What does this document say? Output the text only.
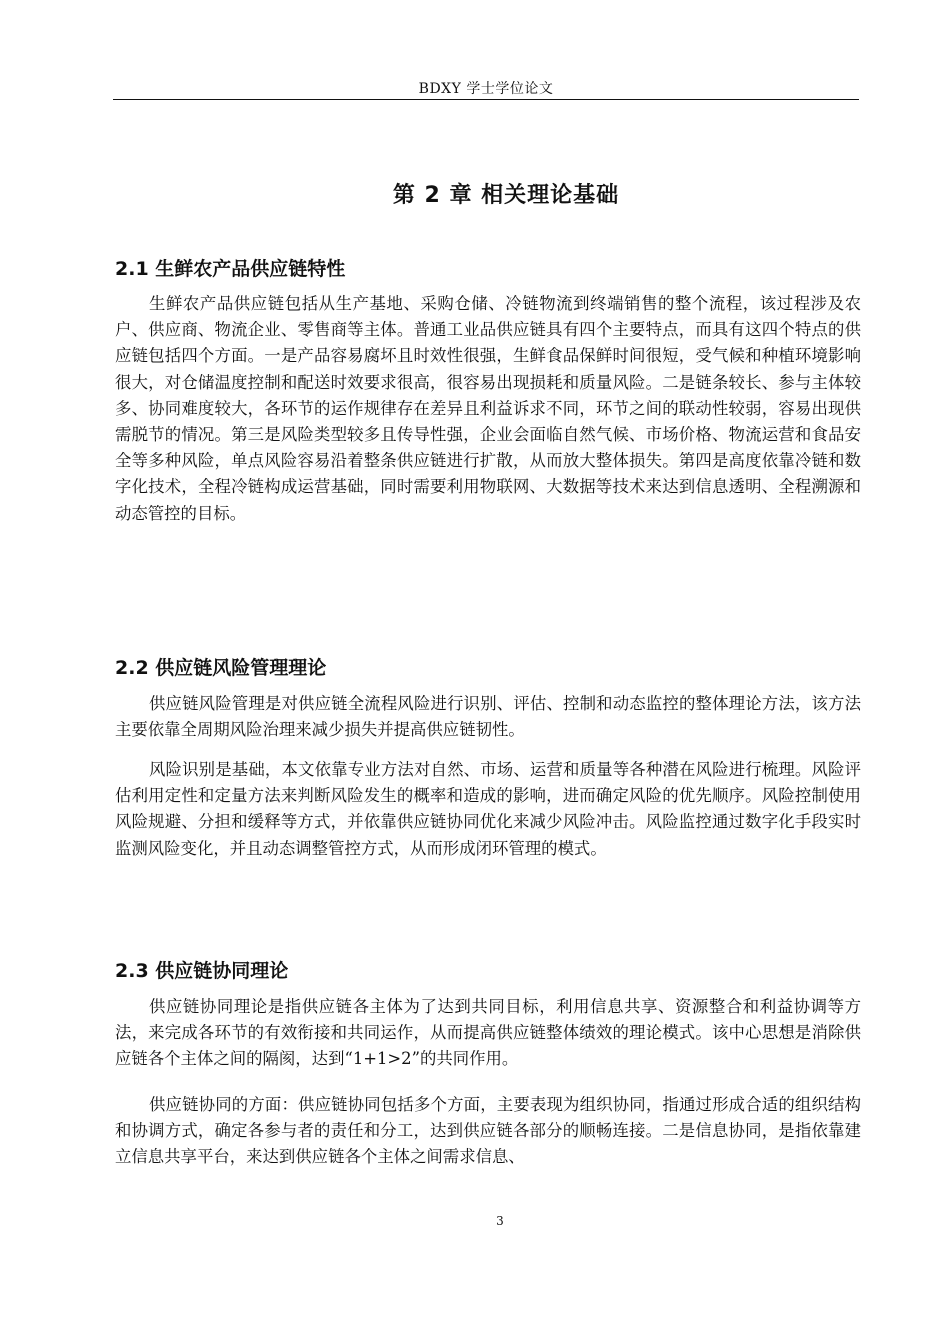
BDXY 学士学位论文
第 2 章 相关理论基础
2.1 生鲜农产品供应链特性

生鲜农产品供应链包括从生产基地、采购仓储、冷链物流到终端销售的整个流程，该过程涉及农户、供应商、物流企业、零售商等主体。普通工业品供应链具有四个主要特点，而具有这四个特点的供应链包括四个方面。一是产品容易腐坏且时效性很强，生鲜食品保鲜时间很短，受气候和种植环境影响很大，对仓储温度控制和配送时效要求很高，很容易出现损耗和质量风险。二是链条较长、参与主体较多、协同难度较大，各环节的运作规律存在差异且利益诉求不同，环节之间的联动性较弱，容易出现供需脱节的情况。第三是风险类型较多且传导性强，企业会面临自然气候、市场价格、物流运营和食品安全等多种风险，单点风险容易沿着整条供应链进行扩散，从而放大整体损失。第四是高度依靠冷链和数字化技术，全程冷链构成运营基础，同时需要利用物联网、大数据等技术来达到信息透明、全程溯源和动态管控的目标。

2.2 供应链风险管理理论

供应链风险管理是对供应链全流程风险进行识别、评估、控制和动态监控的整体理论方法，该方法主要依靠全周期风险治理来减少损失并提高供应链韧性。

风险识别是基础，本文依靠专业方法对自然、市场、运营和质量等各种潜在风险进行梳理。风险评估利用定性和定量方法来判断风险发生的概率和造成的影响，进而确定风险的优先顺序。风险控制使用风险规避、分担和缓释等方式，并依靠供应链协同优化来减少风险冲击。风险监控通过数字化手段实时监测风险变化，并且动态调整管控方式，从而形成闭环管理的模式。

2.3 供应链协同理论

供应链协同理论是指供应链各主体为了达到共同目标，利用信息共享、资源整合和利益协调等方法，来完成各环节的有效衔接和共同运作，从而提高供应链整体绩效的理论模式。该中心思想是消除供应链各个主体之间的隔阂，达到“1+1>2”的共同作用。

供应链协同的方面：供应链协同包括多个方面，主要表现为组织协同，指通过形成合适的组织结构和协调方式，确定各参与者的责任和分工，达到供应链各部分的顺畅连接。二是信息协同，是指依靠建立信息共享平台，来达到供应链各个主体之间需求信息、

3
